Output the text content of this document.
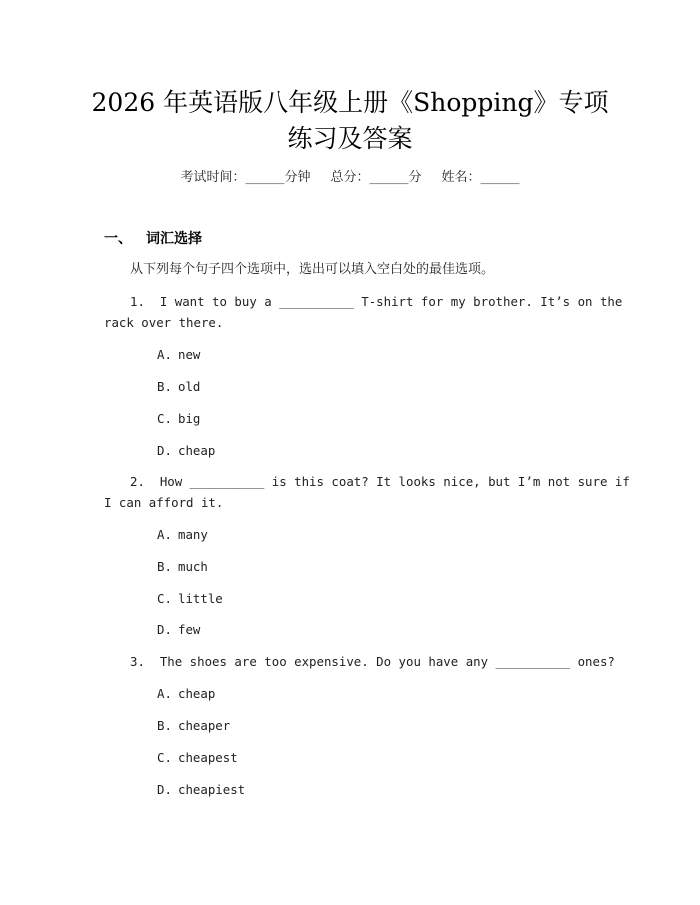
2026 年英语版八年级上册《Shopping》专项
练习及答案
考试时间：______分钟 总分：______分 姓名：______
一、 词汇选择
从下列每个句子四个选项中，选出可以填入空白处的最佳选项。
1.  I want to buy a __________ T-shirt for my brother. It’s on the
rack over there.
A. new
B. old
C. big
D. cheap
2.  How __________ is this coat? It looks nice, but I’m not sure if
I can afford it.
A. many
B. much
C. little
D. few
3.  The shoes are too expensive. Do you have any __________ ones?
A. cheap
B. cheaper
C. cheapest
D. cheapiest
